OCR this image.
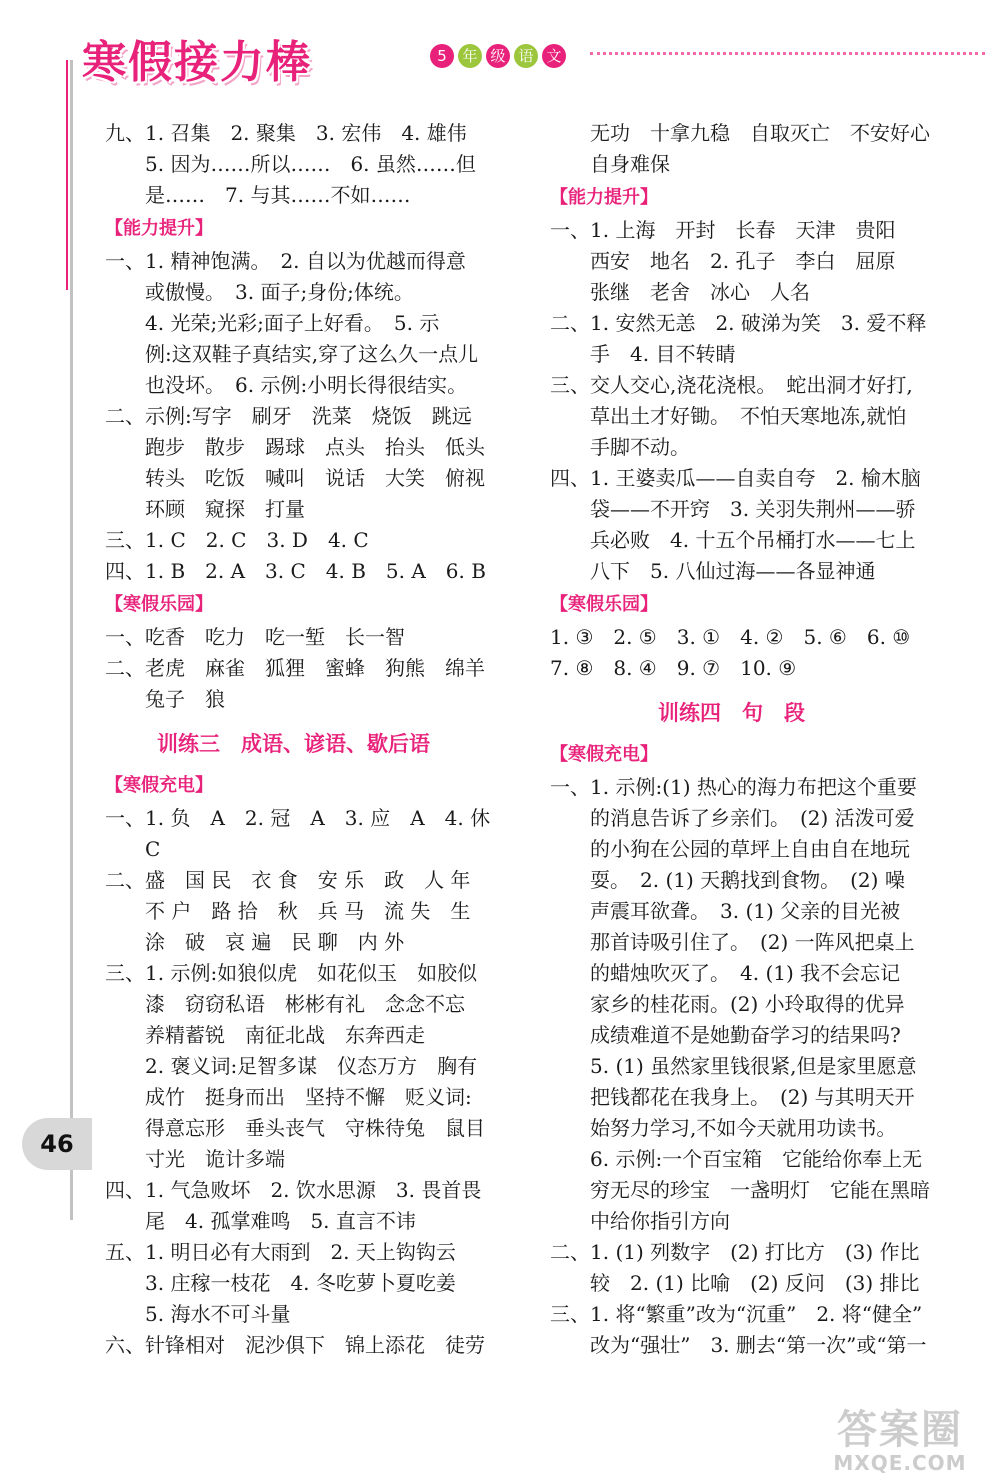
寒假接力棒	5	年 级 语 文
46
九、1. 召集　2. 聚集　3. 宏伟　4. 雄伟
5. 因为……所以……　6. 虽然……但
是……　7. 与其……不如……
【能力提升】
一、1. 精神饱满。　2. 自以为优越而得意
或傲慢。　3. 面子;身份;体统。
4. 光荣;光彩;面子上好看。　5. 示
例:这双鞋子真结实,穿了这么久一点儿
也没坏。　6. 示例:小明长得很结实。
二、示例:写字　刷牙　洗菜　烧饭　跳远
跑步　散步　踢球　点头　抬头　低头
转头　吃饭　喊叫　说话　大笑　俯视
环顾　窥探　打量
三、1. C　2. C　3. D　4. C
四、1. B　2. A　3. C　4. B　5. A　6. B
【寒假乐园】
一、吃香　吃力　吃一堑　长一智
二、老虎　麻雀　狐狸　蜜蜂　狗熊　绵羊
兔子　狼
训练三　成语、谚语、歇后语
【寒假充电】
一、1. 负　A　2. 冠　A　3. 应　A　4. 休
C
二、盛　国 民　衣 食　安 乐　政　人 年
不 户　路 拾　秋　兵 马　流 失　生
涂　破　哀 遍　民 聊　内 外
三、1. 示例:如狼似虎　如花似玉　如胶似
漆　窃窃私语　彬彬有礼　念念不忘
养精蓄锐　南征北战　东奔西走
2. 褒义词:足智多谋　仪态万方　胸有
成竹　挺身而出　坚持不懈　贬义词:
得意忘形　垂头丧气　守株待兔　鼠目
寸光　诡计多端
四、1. 气急败坏　2. 饮水思源　3. 畏首畏
尾　4. 孤掌难鸣　5. 直言不讳
五、1. 明日必有大雨到　2. 天上钩钩云
3. 庄稼一枝花　4. 冬吃萝卜夏吃姜
5. 海水不可斗量
六、针锋相对　泥沙俱下　锦上添花　徒劳
无功　十拿九稳　自取灭亡　不安好心
自身难保
【能力提升】
一、1. 上海　开封　长春　天津　贵阳
西安　地名　2. 孔子　李白　屈原
张继　老舍　冰心　人名
二、1. 安然无恙　2. 破涕为笑　3. 爱不释
手　4. 目不转睛
三、交人交心,浇花浇根。　蛇出洞才好打,
草出土才好锄。　不怕天寒地冻,就怕
手脚不动。
四、1. 王婆卖瓜——自卖自夸　2. 榆木脑
袋——不开窍　3. 关羽失荆州——骄
兵必败　4. 十五个吊桶打水——七上
八下　5. 八仙过海——各显神通
【寒假乐园】
1. ③　2. ⑤　3. ①　4. ②　5. ⑥　6. ⑩
7. ⑧　8. ④　9. ⑦　10. ⑨
训练四　句　段
【寒假充电】
一、1. 示例:(1) 热心的海力布把这个重要
的消息告诉了乡亲们。　(2) 活泼可爱
的小狗在公园的草坪上自由自在地玩
耍。　2. (1) 天鹅找到食物。　(2) 噪
声震耳欲聋。　3. (1) 父亲的目光被
那首诗吸引住了。　(2) 一阵风把桌上
的蜡烛吹灭了。　4. (1) 我不会忘记
家乡的桂花雨。(2) 小玲取得的优异
成绩难道不是她勤奋学习的结果吗?
5. (1) 虽然家里钱很紧,但是家里愿意
把钱都花在我身上。　(2) 与其明天开
始努力学习,不如今天就用功读书。
6. 示例:一个百宝箱　它能给你奉上无
穷无尽的珍宝　一盏明灯　它能在黑暗
中给你指引方向
二、1. (1) 列数字　(2) 打比方　(3) 作比
较　2. (1) 比喻　(2) 反问　(3) 排比
三、1. 将“繁重”改为“沉重”　2. 将“健全”
改为“强壮”　3. 删去“第一次”或“第一
答案圈
MXQE.COM
